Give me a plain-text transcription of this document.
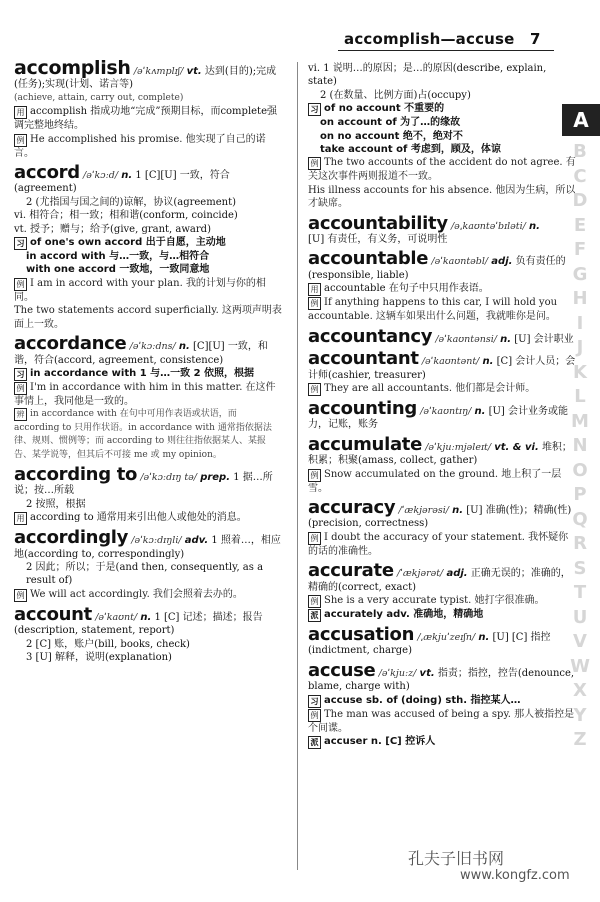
accomplish—accuse 7
accomplish /əˈkʌmplɪʃ/ vt. 达到(目的);完成(任务);实现(计划、诺言等)
(achieve, attain, carry out, complete)
用 accomplish 指成功地“完成”预期目标，而complete强调完整地终结。
例 He accomplished his promise. 他实现了自己的诺言。
accord /əˈkɔːd/ n. 1 [C][U] 一致，符合(agreement)
2 (尤指国与国之间的)谅解，协议(agreement)
vi. 相符合；相一致；相和谐(conform, coincide)
vt. 授予；赠与；给予(give, grant, award)
习 of one's own accord 出于自愿，主动地
in accord with 与…一致，与…相符合
with one accord 一致地，一致同意地
例 I am in accord with your plan. 我的计划与你的相同。
The two statements accord superficially. 这两项声明表面上一致。
accordance /əˈkɔːdns/ n. [C][U] 一致，和谐，符合(accord, agreement, consistence)
习 in accordance with 1 与…一致 2 依照，根据
例 I'm in accordance with him in this matter. 在这件事情上，我同他是一致的。
辨 in accordance with 在句中可用作表语或状语，而 according to 只用作状语。in accordance with 通常指依据法律、规则、惯例等；而 according to 则往往指依据某人、某报告、某学说等，但其后不可接 me 或 my opinion。
according to /əˈkɔːdɪŋ tə/ prep. 1 据…所说；按…所载
2 按照，根据
用 according to 通常用来引出他人或他处的消息。
accordingly /əˈkɔːdɪŋli/ adv. 1 照着…，相应地(according to, correspondingly)
2 因此；所以；于是(and then, consequently, as a result of)
例 We will act accordingly. 我们会照着去办的。
account /əˈkaʊnt/ n. 1 [C] 记述；描述；报告(description, statement, report)
2 [C] 账，账户(bill, books, check)
3 [U] 解释，说明(explanation)
vi. 1 说明…的原因；是…的原因(describe, explain, state)
2 (在数量、比例方面)占(occupy)
习 of no account 不重要的
on account of 为了…的缘故
on no account 绝不，绝对不
take account of 考虑到，顾及，体谅
例 The two accounts of the accident do not agree. 有关这次事件两则报道不一致。
His illness accounts for his absence. 他因为生病，所以才缺席。
accountability /əˌkaʊntəˈbɪləti/ n.
[U] 有责任，有义务，可说明性
accountable /əˈkaʊntəbl/ adj. 负有责任的(responsible, liable)
用 accountable 在句子中只用作表语。
例 If anything happens to this car, I will hold you accountable. 这辆车如果出什么问题，我就唯你是问。
accountancy /əˈkaʊntənsi/ n. [U] 会计职业
accountant /əˈkaʊntənt/ n. [C] 会计人员；会计师(cashier, treasurer)
例 They are all accountants. 他们都是会计师。
accounting /əˈkaʊntɪŋ/ n. [U] 会计业务或能力，记账，账务
accumulate /əˈkjuːmjəleɪt/ vt. & vi. 堆积；积累；积聚(amass, collect, gather)
例 Snow accumulated on the ground. 地上积了一层雪。
accuracy /ˈækjərəsi/ n. [U] 准确(性)；精确(性)(precision, correctness)
例 I doubt the accuracy of your statement. 我怀疑你的话的准确性。
accurate /ˈækjərət/ adj. 正确无误的；准确的，精确的(correct, exact)
例 She is a very accurate typist. 她打字很准确。
派 accurately adv. 准确地，精确地
accusation /ˌækjuˈzeɪʃn/ n. [U] [C] 指控(indictment, charge)
accuse /əˈkjuːz/ vt. 指责；指控，控告(denounce, blame, charge with)
习 accuse sb. of (doing) sth. 指控某人…
例 The man was accused of being a spy. 那人被指控是个间谍。
派 accuser n. [C] 控诉人
A
B
C
D
E
F
G
H
I
J
K
L
M
N
O
P
Q
R
S
T
U
V
W
X
Y
Z
孔夫子旧书网
www.kongfz.com
